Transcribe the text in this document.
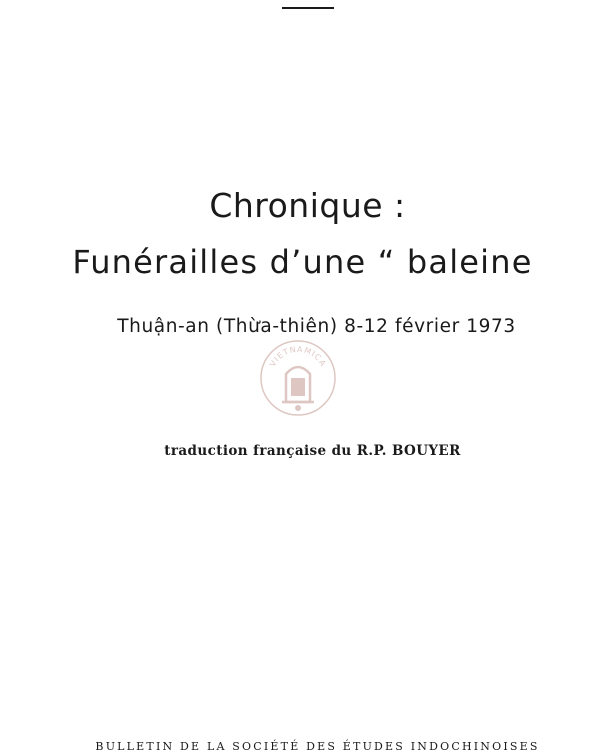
Chronique :
Funérailles d’une “ baleine
Thuận-an (Thừa-thiên) 8-12 février 1973
VIETNAMICA
traduction française du R.P. BOUYER
BULLETIN DE LA SOCIÉTÉ DES ÉTUDES INDOCHINOISES
